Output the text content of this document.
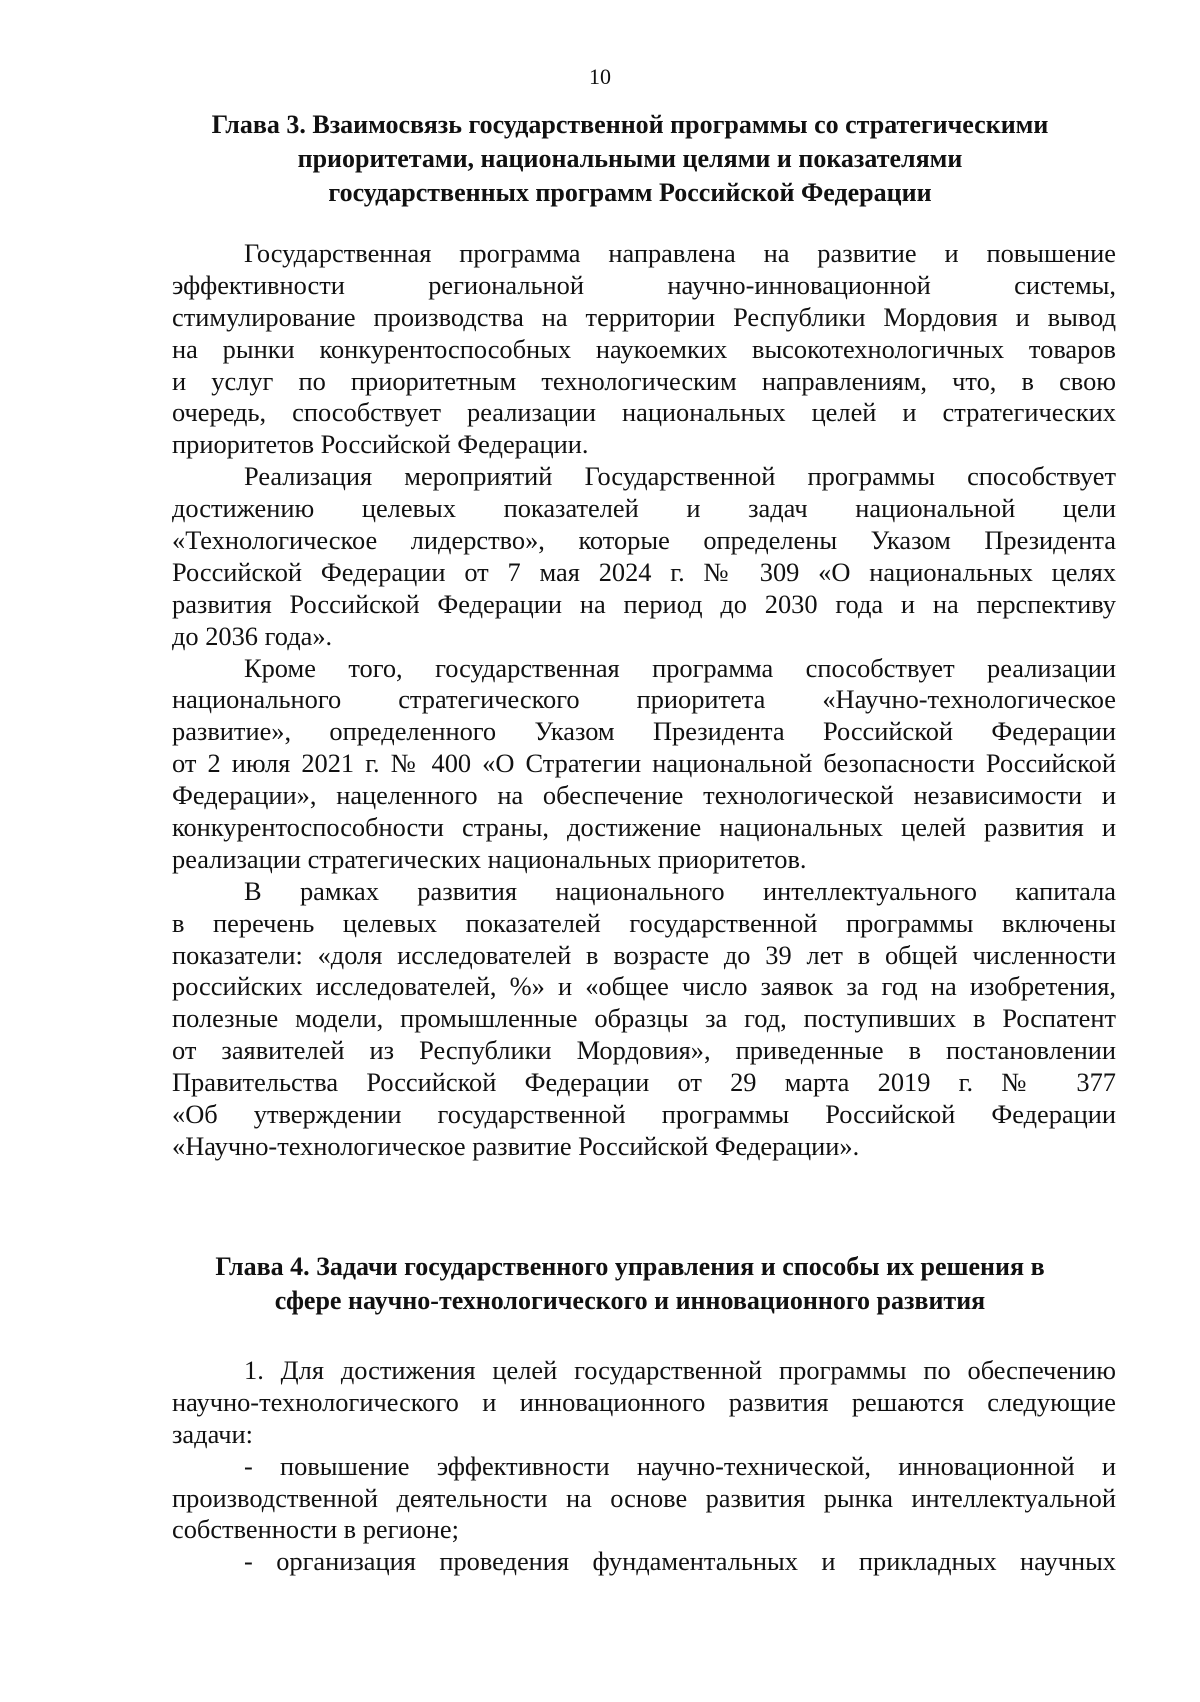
10
Глава 3. Взаимосвязь государственной программы со стратегическими
приоритетами, национальными целями и показателями
государственных программ Российской Федерации
Государственная программа направлена на развитие и повышение
эффективности региональной научно-инновационной системы,
стимулирование производства на территории Республики Мордовия и вывод
на рынки конкурентоспособных наукоемких высокотехнологичных товаров
и услуг по приоритетным технологическим направлениям, что, в свою
очередь, способствует реализации национальных целей и стратегических
приоритетов Российской Федерации.
Реализация мероприятий Государственной программы способствует
достижению целевых показателей и задач национальной цели
«Технологическое лидерство», которые определены Указом Президента
Российской Федерации от 7 мая 2024 г. № 309 «О национальных целях
развития Российской Федерации на период до 2030 года и на перспективу
до 2036 года».
Кроме того, государственная программа способствует реализации
национального стратегического приоритета «Научно-технологическое
развитие», определенного Указом Президента Российской Федерации
от 2 июля 2021 г. № 400 «О Стратегии национальной безопасности Российской
Федерации», нацеленного на обеспечение технологической независимости и
конкурентоспособности страны, достижение национальных целей развития и
реализации стратегических национальных приоритетов.
В рамках развития национального интеллектуального капитала
в перечень целевых показателей государственной программы включены
показатели: «доля исследователей в возрасте до 39 лет в общей численности
российских исследователей, %» и «общее число заявок за год на изобретения,
полезные модели, промышленные образцы за год, поступивших в Роспатент
от заявителей из Республики Мордовия», приведенные в постановлении
Правительства Российской Федерации от 29 марта 2019 г. № 377
«Об утверждении государственной программы Российской Федерации
«Научно-технологическое развитие Российской Федерации».
Глава 4. Задачи государственного управления и способы их решения в
сфере научно-технологического и инновационного развития
1. Для достижения целей государственной программы по обеспечению
научно-технологического и инновационного развития решаются следующие
задачи:
- повышение эффективности научно-технической, инновационной и
производственной деятельности на основе развития рынка интеллектуальной
собственности в регионе;
- организация проведения фундаментальных и прикладных научных
